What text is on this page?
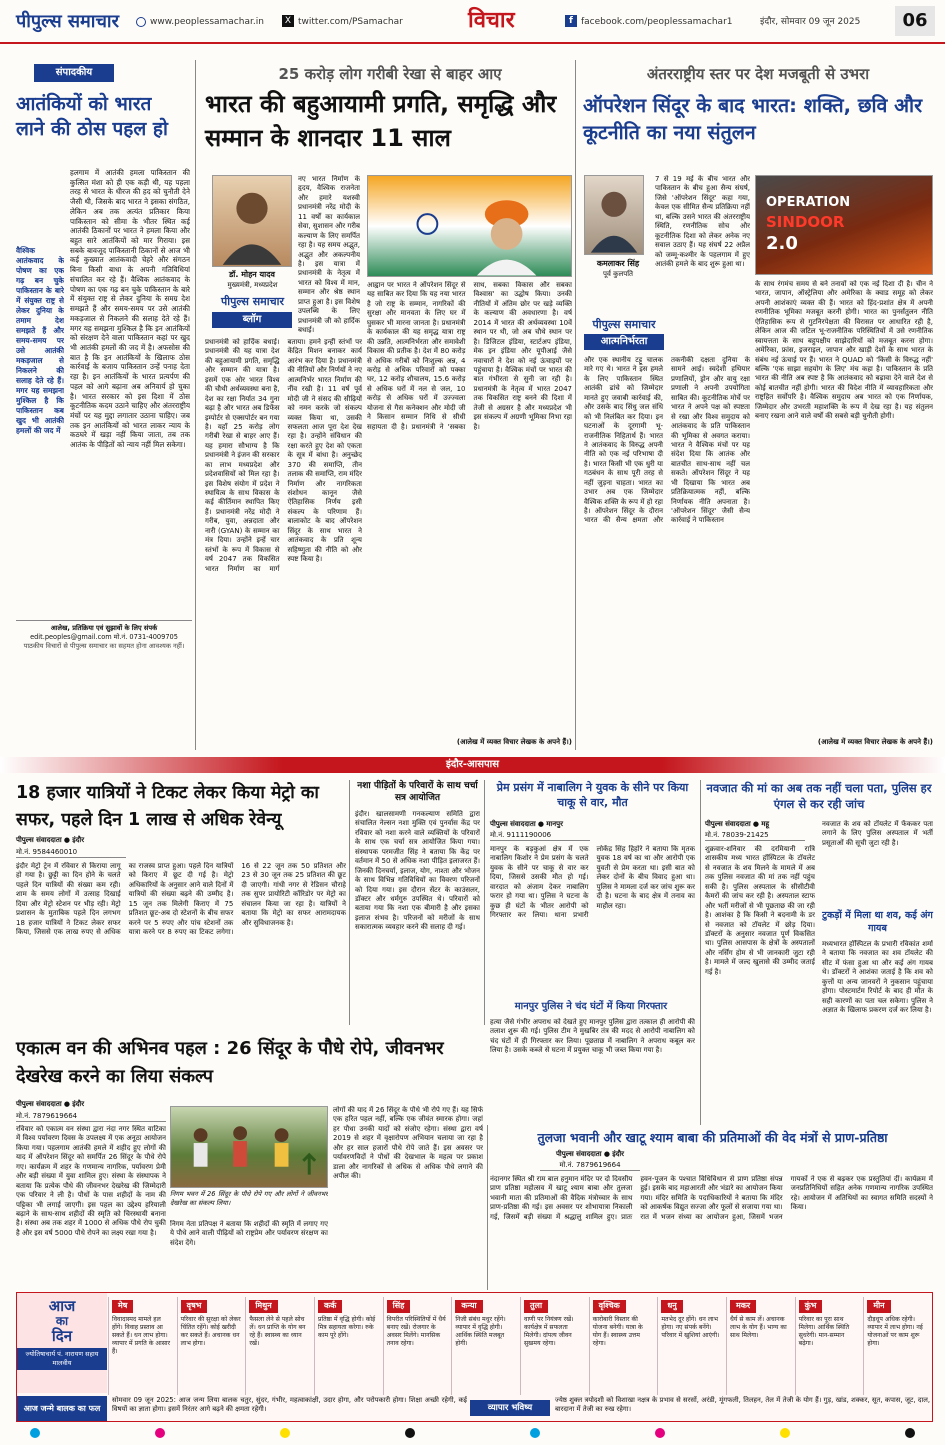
पीपुल्स समाचार	www.peoplessamachar.in	X twitter.com/PSamachar	विचार	f facebook.com/peoplessamachar1	इंदौर, सोमवार 09 जून 2025	06
संपादकीय
आतंकियों को भारत लाने की ठोस पहल हो
वैश्विक आतंकवाद के पोषण का एक गढ़ बन चुके पाकिस्तान के बारे में संयुक्त राष्ट्र से लेकर दुनिया के तमाम देश समझते हैं और समय-समय पर उसे आतंकी मकड़जाल से निकलने की सलाह देते रहे हैं। मगर यह समझना मुश्किल है कि पाकिस्तान कब खुद भी आतंकी हमलों की जद में
हलगाम में आतंकी हमला पाकिस्तान की कुत्सित मंशा को ही एक कड़ी थी, यह पहला तरह से भारत के धीरज की हद को चुनौती देने जैसी थी, जिसके बाद भारत ने इसका संगठित, लेकिन अब तक अत्यंत प्रतिकार किया पाकिस्तान को सीमा के भीतर स्थित कई आतंकी ठिकानों पर भारत ने हमला किया और बहुत सारे आतंकियों को मार गिराया। इस सबके बावजूद पाकिस्तानी ठिकानों से आज भी कई कुख्यात आतंकवादी चेहरे और संगठन बिना किसी बाधा के अपनी गतिविधियां संचालित कर रहे हैं। वैश्विक आतंकवाद के पोषण का एक गढ़ बन चुके पाकिस्तान के बारे में संयुक्त राष्ट्र से लेकर दुनिया के समग्र देश समझते हैं और समय-समय पर उसे आतंकी मकड़जाल से निकलने की सलाह देते रहे हैं। मगर यह समझना मुश्किल है कि इन आतंकियों को संरक्षण देने वाला पाकिस्तान कहां पर खुद भी आतंकी हमलों की जद में है। अफसोस की बात है कि इन आतंकियों के खिलाफ ठोस कार्रवाई के बजाय पाकिस्तान उन्हें पनाह देता रहा है। इन आतंकियों के भारत प्रत्यर्पण की पहल को आगे बढ़ाना अब अनिवार्य हो चुका है। भारत सरकार को इस दिशा में ठोस कूटनीतिक कदम उठाने चाहिए और अंतरराष्ट्रीय मंचों पर यह मुद्दा लगातार उठाना चाहिए। जब तक इन आतंकियों को भारत लाकर न्याय के कठघरे में खड़ा नहीं किया जाता, तब तक आतंक के पीड़ितों को न्याय नहीं मिल सकेगा।
आलेख, प्रतिक्रिया एवं सुझावों के लिए संपर्क
edit.peoples@gmail.com मो.नं. 0731-4009705
पाठकीय विचारों से पीपुल्स समाचार का सहमत होना आवश्यक नहीं।
25 करोड़ लोग गरीबी रेखा से बाहर आए
भारत की बहुआयामी प्रगति, समृद्धि और सम्मान के शानदार 11 साल
डॉ. मोहन यादव
मुख्यमंत्री, मध्यप्रदेश
पीपुल्स समाचार
ब्लॉग
नए भारत निर्माण के हृदय, वैश्विक राजनेता और हमारे यशस्वी प्रधानमंत्री नरेंद्र मोदी के 11 वर्षों का कार्यकाल सेवा, सुशासन और गरीब कल्याण के लिए समर्पित रहा है। यह समय अद्भुत, अद्भुत और अकल्पनीय है। इस यात्रा में प्रधानमंत्री के नेतृत्व में भारत को विश्व में मान, सम्मान और श्रेष्ठ स्थान प्राप्त हुआ है। इस विशेष उपलब्धि के लिए प्रधानमंत्री जी को हार्दिक बधाई।
प्रधानमंत्री को हार्दिक बधाई। प्रधानमंत्री की यह यात्रा देश की बहुआयामी प्रगति, समृद्धि और सम्मान की यात्रा है। इसमें एक ओर भारत विश्व की चौथी अर्थव्यवस्था बना है, देश का रक्षा निर्यात 34 गुना बढ़ा है और भारत अब डिफेंस इम्पोर्टर से एक्सपोर्टर बन गया है। यहाँ 25 करोड़ लोग गरीबी रेखा से बाहर आए हैं। यह हमारा सौभाग्य है कि प्रधानमंत्री ने इंजन की सरकार का लाभ मध्यप्रदेश और प्रदेशवासियों को मिल रहा है। इस विशेष संयोग में प्रदेश ने स्थायित्व के साथ विकास के कई कीर्तिमान स्थापित किए हैं। प्रधानमंत्री नरेंद्र मोदी ने गरीब, युवा, अन्नदाता और नारी (GYAN) के सम्मान का मंत्र दिया। उन्होंने इन्हें चार स्तंभों के रूप में विकास से वर्ष 2047 तक विकसित भारत निर्माण का मार्ग बताया। हमने इन्हीं स्तंभों पर केंद्रित मिशन बनाकर कार्य आरंभ कर दिया है। प्रधानमंत्री की नीतियों और निर्णयों ने नए आत्मनिर्भर भारत निर्माण की नींव रखी है। 11 वर्ष पूर्व मोदी जी ने संसद की सीढ़ियों को नमन करके जो संकल्प व्यक्त किया था, उसकी सफलता आज पूरा देश देख रहा है। उन्होंने संविधान की रक्षा करते हुए देश को एकता के सूत्र में बांधा है। अनुच्छेद 370 की समाप्ति, तीन तलाक की समाप्ति, राम मंदिर निर्माण और नागरिकता संशोधन कानून जैसे ऐतिहासिक निर्णय इसी संकल्प के परिणाम हैं। बालाकोट के बाद ऑपरेशन सिंदूर के साथ भारत ने आतंकवाद के प्रति शून्य सहिष्णुता की नीति को और स्पष्ट किया है।
आह्वान पर भारत ने ऑपरेशन सिंदूर से यह साबित कर दिया कि यह नया भारत है जो राष्ट्र के सम्मान, नागरिकों की सुरक्षा और मानवता के लिए घर में घुसकर भी मारना जानता है। प्रधानमंत्री के कार्यकाल की यह समृद्ध यात्रा राष्ट्र की उन्नति, आत्मनिर्भरता और समावेशी विकास की प्रतीक है। देश में 80 करोड़ से अधिक गरीबों को निःशुल्क अन्न, 4 करोड़ से अधिक परिवारों को पक्का घर, 12 करोड़ शौचालय, 15.6 करोड़ से अधिक घरों में नल से जल, 10 करोड़ से अधिक घरों में उज्ज्वला योजना से गैस कनेक्शन और मोदी जी ने किसान सम्मान निधि से सीधी सहायता दी है। प्रधानमंत्री ने 'सबका साथ, सबका विकास और सबका विश्वास' का उद्घोष किया। उनकी नीतियों में अंतिम छोर पर खड़े व्यक्ति के कल्याण की अवधारणा है। वर्ष 2014 में भारत की अर्थव्यवस्था 10वें स्थान पर थी, जो अब चौथे स्थान पर है। डिजिटल इंडिया, स्टार्टअप इंडिया, मेक इन इंडिया और यूपीआई जैसे नवाचारों ने देश को नई ऊंचाइयों पर पहुंचाया है। वैश्विक मंचों पर भारत की बात गंभीरता से सुनी जा रही है। प्रधानमंत्री के नेतृत्व में भारत 2047 तक विकसित राष्ट्र बनने की दिशा में तेजी से अग्रसर है और मध्यप्रदेश भी इस संकल्प में अग्रणी भूमिका निभा रहा है।
(आलेख में व्यक्त विचार लेखक के अपने हैं।)
अंतरराष्ट्रीय स्तर पर देश मजबूती से उभरा
ऑपरेशन सिंदूर के बाद भारत: शक्ति, छवि और कूटनीति का नया संतुलन
कमलाकर सिंह
पूर्व कुलपति
7 से 19 मई के बीच भारत और पाकिस्तान के बीच हुआ सैन्य संघर्ष, जिसे 'ऑपरेशन सिंदूर' कहा गया, केवल एक सीमित सैन्य प्रतिक्रिया नहीं था, बल्कि उसने भारत की अंतरराष्ट्रीय स्थिति, रणनीतिक सोच और कूटनीतिक दिशा को लेकर अनेक नए सवाल उठाए हैं। यह संघर्ष 22 अप्रैल को जम्मू-कश्मीर के पहलगाम में हुए आतंकी हमले के बाद शुरू हुआ था।
पीपुल्स समाचार
आत्मनिर्भरता
OPERATION
SINDOOR
2.0
और एक स्थानीय टट्टू चालक मारे गए थे। भारत ने इस हमले के लिए पाकिस्तान स्थित आतंकी ढांचे को जिम्मेदार मानते हुए जवाबी कार्रवाई की, और उसके बाद सिंधु जल संधि को भी निलंबित कर दिया। इन घटनाओं के दूरगामी भू-राजनीतिक निहितार्थ हैं। भारत ने आतंकवाद के विरुद्ध अपनी नीति को एक नई परिभाषा दी है। भारत किसी भी एक धुरी या गठबंधन के साथ पूरी तरह से नहीं जुड़ना चाहता। भारत का उभार अब एक जिम्मेदार वैश्विक शक्ति के रूप में हो रहा है। ऑपरेशन सिंदूर के दौरान भारत की सैन्य क्षमता और तकनीकी दक्षता दुनिया के सामने आई। स्वदेशी हथियार प्रणालियों, ड्रोन और वायु रक्षा प्रणाली ने अपनी उपयोगिता साबित की। कूटनीतिक मोर्चे पर भारत ने अपने पक्ष को स्पष्टता से रखा और विश्व समुदाय को आतंकवाद के प्रति पाकिस्तान की भूमिका से अवगत कराया। भारत ने वैश्विक मंचों पर यह संदेश दिया कि आतंक और बातचीत साथ-साथ नहीं चल सकते। ऑपरेशन सिंदूर ने यह भी दिखाया कि भारत अब प्रतिक्रियात्मक नहीं, बल्कि निर्णायक नीति अपनाता है। 'ऑपरेशन सिंदूर' जैसी सैन्य कार्रवाई ने पाकिस्तान
के साथ रंगमंच समय से बने तनावों को एक नई दिशा दी है। चीन ने भारत, जापान, ऑस्ट्रेलिया और अमेरिका के क्वाड समूह को लेकर अपनी आशंकाएं व्यक्त की हैं। भारत को हिंद-प्रशांत क्षेत्र में अपनी रणनीतिक भूमिका मजबूत करनी होगी। भारत का पुनर्संतुलन नीति ऐतिहासिक रूप से गुटनिरपेक्षता की विरासत पर आधारित रही है, लेकिन आज की जटिल भू-राजनीतिक परिस्थितियों में उसे रणनीतिक स्वायत्तता के साथ बहुपक्षीय साझेदारियों को मजबूत करना होगा। अमेरिका, फ्रांस, इजराइल, जापान और खाड़ी देशों के साथ भारत के संबंध नई ऊंचाई पर हैं। भारत ने QUAD को 'किसी के विरुद्ध नहीं' बल्कि 'एक साझा सहयोग के लिए' मंच कहा है। पाकिस्तान के प्रति भारत की नीति अब स्पष्ट है कि आतंकवाद को बढ़ावा देने वाले देश से कोई बातचीत नहीं होगी। भारत की विदेश नीति में व्यावहारिकता और राष्ट्रहित सर्वोपरि है। वैश्विक समुदाय अब भारत को एक निर्णायक, जिम्मेदार और उभरती महाशक्ति के रूप में देख रहा है। यह संतुलन बनाए रखना आने वाले वर्षों की सबसे बड़ी चुनौती होगी।
(आलेख में व्यक्त विचार लेखक के अपने हैं।)
इंदौर-आसपास
18 हजार यात्रियों ने टिकट लेकर किया मेट्रो का सफर, पहले दिन 1 लाख से अधिक रेवेन्यू
पीपुल्स संवाददाता ● इंदौर
मो.नं. 9584460010
इंदौर मेट्रो ट्रेन में रविवार से किराया लागू हो गया है। छुट्टी का दिन होने के चलते पहले दिन यात्रियों की संख्या कम रही। शाम के समय लोगों में उत्साह दिखाई दिया और मेट्रो स्टेशन पर भीड़ रही। मेट्रो प्रशासन के मुताबिक पहले दिन लगभग 18 हजार यात्रियों ने टिकट लेकर सफर किया, जिससे एक लाख रुपए से अधिक का राजस्व प्राप्त हुआ। पहले दिन यात्रियों को किराए में छूट दी गई है। मेट्रो अधिकारियों के अनुसार आने वाले दिनों में यात्रियों की संख्या बढ़ने की उम्मीद है। 15 जून तक मिलेगी किराए में 75 प्रतिशत छूट-अब दो स्टेशनों के बीच सफर करने पर 5 रुपए और पांच स्टेशनों तक यात्रा करने पर 8 रुपए का टिकट लगेगा। 16 से 22 जून तक 50 प्रतिशत और 23 से 30 जून तक 25 प्रतिशत की छूट दी जाएगी। गांधी नगर से रेडिसन चौराहे तक सुपर प्रायोरिटी कॉरिडोर पर मेट्रो का संचालन किया जा रहा है। यात्रियों ने बताया कि मेट्रो का सफर आरामदायक और सुविधाजनक है।
नशा पीड़ितों के परिवारों के साथ चर्चा सत्र आयोजित
इंदौर। खालसामणी गनकल्याण समिति द्वारा संचालित नेल्सन नशा मुक्ति एवं पुनर्वास केंद्र पर रविवार को नशा करने वाले व्यक्तियों के परिवारों के साथ एक चर्चा सत्र आयोजित किया गया। संस्थापक परमजीत सिंह ने बताया कि केंद्र पर वर्तमान में 50 से अधिक नशा पीड़ित इलाजरत हैं। जिनकी दिनचर्या, इलाज, योग, नाश्ता और भोजन के साथ विभिन्न गतिविधियों का विवरण परिजनों को दिया गया। इस दौरान सेंटर के काउंसलर, डॉक्टर और धर्मगुरु उपस्थित थे। परिवारों को बताया गया कि नशा एक बीमारी है और इसका इलाज संभव है। परिजनों को मरीजों के साथ सकारात्मक व्यवहार करने की सलाह दी गई।
प्रेम प्रसंग में नाबालिग ने युवक के सीने पर किया चाकू से वार, मौत
पीपुल्स संवाददाता ● मानपुर
मो.नं. 9111190006
मानपुर के बड़कुआं क्षेत्र में एक नाबालिग किशोर ने प्रेम प्रसंग के चलते युवक के सीने पर चाकू से वार कर दिया, जिससे उसकी मौत हो गई। वारदात को अंजाम देकर नाबालिग फरार हो गया था। पुलिस ने घटना के कुछ ही घंटों के भीतर आरोपी को गिरफ्तार कर लिया। थाना प्रभारी लोकेंद्र सिंह हिहोरे ने बताया कि मृतक युवक 18 वर्ष का था और आरोपी एक युवती से प्रेम करता था। इसी बात को लेकर दोनों के बीच विवाद हुआ था। पुलिस ने मामला दर्ज कर जांच शुरू कर दी है। घटना के बाद क्षेत्र में तनाव का माहौल रहा।
मानपुर पुलिस ने चंद घंटों में किया गिरफ्तार
हत्या जैसे गंभीर अपराध को देखते हुए मानपुर पुलिस द्वारा तत्काल ही आरोपी की तलाश शुरू की गई। पुलिस टीम ने मुखबिर तंत्र की मदद से आरोपी नाबालिग को चंद घंटों में ही गिरफ्तार कर लिया। पूछताछ में नाबालिग ने अपराध कबूल कर लिया है। उसके कब्जे से घटना में प्रयुक्त चाकू भी जब्त किया गया है।
नवजात की मां का अब तक नहीं चला पता, पुलिस हर एंगल से कर रही जांच
पीपुल्स संवाददाता ● महू
मो.नं. 78039-21425
शुक्रवार-शनिवार की दरमियानी रात्रि शासकीय मध्य भारत हॉस्पिटल के टॉयलेट से नवजात के शव मिलने के मामले में अब तक पुलिस नवजात की मां तक नहीं पहुंच सकी है। पुलिस अस्पताल के सीसीटीवी कैमरों की जांच कर रही है। अस्पताल स्टाफ और भर्ती मरीजों से भी पूछताछ की जा रही है। आशंका है कि किसी ने बदनामी के डर से नवजात को टॉयलेट में छोड़ दिया। डॉक्टरों के अनुसार नवजात पूर्ण विकसित था। पुलिस आसपास के क्षेत्रों के अस्पतालों और नर्सिंग होम से भी जानकारी जुटा रही है। मामले में जल्द खुलासे की उम्मीद जताई गई है।
नवजात के शव को टॉयलेट में फेंककर पता लगाने के लिए पुलिस अस्पताल में भर्ती प्रसूताओं की सूची जुटा रही है।
टुकड़ों में मिला था शव, कई अंग गायब
मध्यभारत हॉस्पिटल के प्रभारी रविकांत शर्मा ने बताया कि नवजात का शव टॉयलेट की सीट में फंसा हुआ था और कई अंग गायब थे। डॉक्टरों ने आशंका जताई है कि शव को कुत्तों या अन्य जानवरों ने नुकसान पहुंचाया होगा। पोस्टमार्टम रिपोर्ट के बाद ही मौत के सही कारणों का पता चल सकेगा। पुलिस ने अज्ञात के खिलाफ प्रकरण दर्ज कर लिया है।
एकात्म वन की अभिनव पहल : 26 सिंदूर के पौधे रोपे, जीवनभर देखरेख करने का लिया संकल्प
पीपुल्स संवाददाता ● इंदौर
मो.नं. 7879619664
निगम भवन में 26 सिंदूर के पौधे रोपे गए और लोगों ने जीवनभर देखरेख का संकल्प लिया।
रविवार को एकात्म वन संस्था द्वारा नंदा नगर स्थित वाटिका में विश्व पर्यावरण दिवस के उपलक्ष्य में एक अनूठा आयोजन किया गया। पहलगाम आतंकी हमले में शहीद हुए लोगों की याद में ऑपरेशन सिंदूर को समर्पित 26 सिंदूर के पौधे रोपे गए। कार्यक्रम में शहर के गणमान्य नागरिक, पर्यावरण प्रेमी और बड़ी संख्या में युवा शामिल हुए। संस्था के संस्थापक ने बताया कि प्रत्येक पौधे की जीवनभर देखरेख की जिम्मेदारी एक परिवार ने ली है। पौधों के पास शहीदों के नाम की पट्टिका भी लगाई जाएगी। इस पहल का उद्देश्य हरियाली बढ़ाने के साथ-साथ शहीदों की स्मृति को चिरस्थायी बनाना है। संस्था अब तक शहर में 1000 से अधिक पौधे रोप चुकी है और इस वर्ष 5000 पौधे रोपने का लक्ष्य रखा गया है।
निगम नेता प्रतिपक्ष ने बताया कि शहीदों की स्मृति में लगाए गए ये पौधे आने वाली पीढ़ियों को राष्ट्रप्रेम और पर्यावरण संरक्षण का संदेश देंगे।
लोगों की याद में 26 सिंदूर के पौधे भी रोपे गए हैं। यह सिर्फ एक हरित पहल नहीं, बल्कि एक जीवंत स्मारक होगा। जहां हर पौधा उनकी यादों को संजोए रहेगा। संस्था द्वारा वर्ष 2019 से शहर में वृक्षारोपण अभियान चलाया जा रहा है और हर साल हजारों पौधे रोपे जाते हैं। इस अवसर पर पर्यावरणविदों ने पौधों की देखभाल के महत्व पर प्रकाश डाला और नागरिकों से अधिक से अधिक पौधे लगाने की अपील की।
तुलजा भवानी और खाटू श्याम बाबा की प्रतिमाओं की वेद मंत्रों से प्राण-प्रतिष्ठा
पीपुल्स संवाददाता ● इंदौर
मो.नं. 7879619664
नंदानगर स्थित श्री राम बाल हनुमान मंदिर पर दो दिवसीय प्राण प्रतिष्ठा महोत्सव में खाटू श्याम बाबा और तुलजा भवानी माता की प्रतिमाओं की वैदिक मंत्रोच्चार के साथ प्राण-प्रतिष्ठा की गई। इस अवसर पर शोभायात्रा निकाली गई, जिसमें बड़ी संख्या में श्रद्धालु शामिल हुए। प्रातः हवन-पूजन के पश्चात विधिविधान से प्राण प्रतिष्ठा संपन्न हुई। इसके बाद महाआरती और भंडारे का आयोजन किया गया। मंदिर समिति के पदाधिकारियों ने बताया कि मंदिर को आकर्षक विद्युत सज्जा और फूलों से सजाया गया था। रात में भजन संध्या का आयोजन हुआ, जिसमें भजन गायकों ने एक से बढ़कर एक प्रस्तुतियां दीं। कार्यक्रम में जनप्रतिनिधियों सहित अनेक गणमान्य नागरिक उपस्थित रहे। आयोजन में अतिथियों का स्वागत समिति सदस्यों ने किया।
आज
का
दिन
ज्योतिषाचार्य पं. नारायण सहाय मालवीय
मेष
विवादास्पद मामले हल होंगे। विवाह प्रस्ताव आ सकते हैं। धन लाभ होगा। व्यापार में प्रगति के आसार हैं।
वृषभ
परिवार की सुरक्षा को लेकर चिंतित रहेंगे। कोई खरीदी कर सकते हैं। अचानक धन लाभ होगा।
मिथुन
फैसला लेने से पहले सोच लें। धन प्राप्ति के योग बन रहे हैं। स्वास्थ्य का ध्यान रखें।
कर्क
प्रतिष्ठा में वृद्धि होगी। कोई मित्र सहायता करेगा। रुके काम पूरे होंगे।
सिंह
विपरीत परिस्थितियों में धैर्य बनाए रखें। रोजगार के अवसर मिलेंगे। मानसिक तनाव रहेगा।
कन्या
निजी संबंध मधुर रहेंगे। व्यापार में वृद्धि होगी। आर्थिक स्थिति मजबूत होगी।
तुला
वाणी पर नियंत्रण रखें। कार्यक्षेत्र में सफलता मिलेगी। दांपत्य जीवन सुखमय रहेगा।
वृश्चिक
कारोबारी विस्तार की योजना बनेगी। यात्रा के योग हैं। स्वास्थ्य उत्तम रहेगा।
धनु
मतभेद दूर होंगे। धन लाभ होगा। नए संपर्क बनेंगे। परिवार में खुशियां आएंगी।
मकर
धैर्य से काम लें। अचानक लाभ के योग हैं। भाग्य का साथ मिलेगा।
कुंभ
परिवार का पूरा साथ मिलेगा। आर्थिक स्थिति सुधरेगी। मान-सम्मान बढ़ेगा।
मीन
दौड़धूप अधिक रहेगी। व्यापार में लाभ होगा। नई योजनाओं पर काम शुरू होगा।
आज जन्मे बालक का फल
सोमवार 09 जून 2025: आज जन्म लिया बालक चतुर, सुंदर, गंभीर, महत्वाकांक्षी, उदार होगा, और परोपकारी होगा। शिक्षा अच्छी रहेगी, कई विषयों का ज्ञाता होगा। इसमें निरंतर आगे बढ़ने की क्षमता रहेगी।	व्यापार भविष्य
ज्येष्ठ शुक्ल त्रयोदशी को विशाखा नक्षत्र के प्रभाव से सरसों, अरंडी, मूंगफली, तिलहन, तेल में तेजी के योग हैं। गुड़, खांड, शक्कर, सूत, कपास, जूट, दाल, बारदाना में तेजी का रुख रहेगा।
